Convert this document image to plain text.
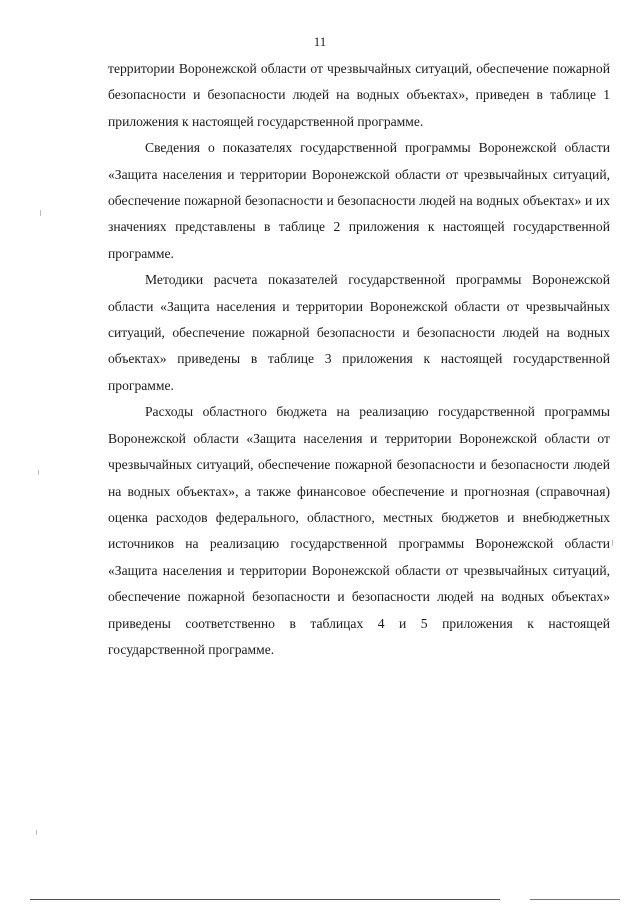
11

территории Воронежской области от чрезвычайных ситуаций, обеспечение пожарной безопасности и безопасности людей на водных объектах», приведен в таблице 1 приложения к настоящей государственной программе.

Сведения о показателях государственной программы Воронежской области «Защита населения и территории Воронежской области от чрезвычайных ситуаций, обеспечение пожарной безопасности и безопасности людей на водных объектах» и их значениях представлены в таблице 2 приложения к настоящей государственной программе.

Методики расчета показателей государственной программы Воронежской области «Защита населения и территории Воронежской области от чрезвычайных ситуаций, обеспечение пожарной безопасности и безопасности людей на водных объектах» приведены в таблице 3 приложения к настоящей государственной программе.

Расходы областного бюджета на реализацию государственной программы Воронежской области «Защита населения и территории Воронежской области от чрезвычайных ситуаций, обеспечение пожарной безопасности и безопасности людей на водных объектах», а также финансовое обеспечение и прогнозная (справочная) оценка расходов федерального, областного, местных бюджетов и внебюджетных источников на реализацию государственной программы Воронежской области «Защита населения и территории Воронежской области от чрезвычайных ситуаций, обеспечение пожарной безопасности и безопасности людей на водных объектах» приведены соответственно в таблицах 4 и 5 приложения к настоящей государственной программе.
